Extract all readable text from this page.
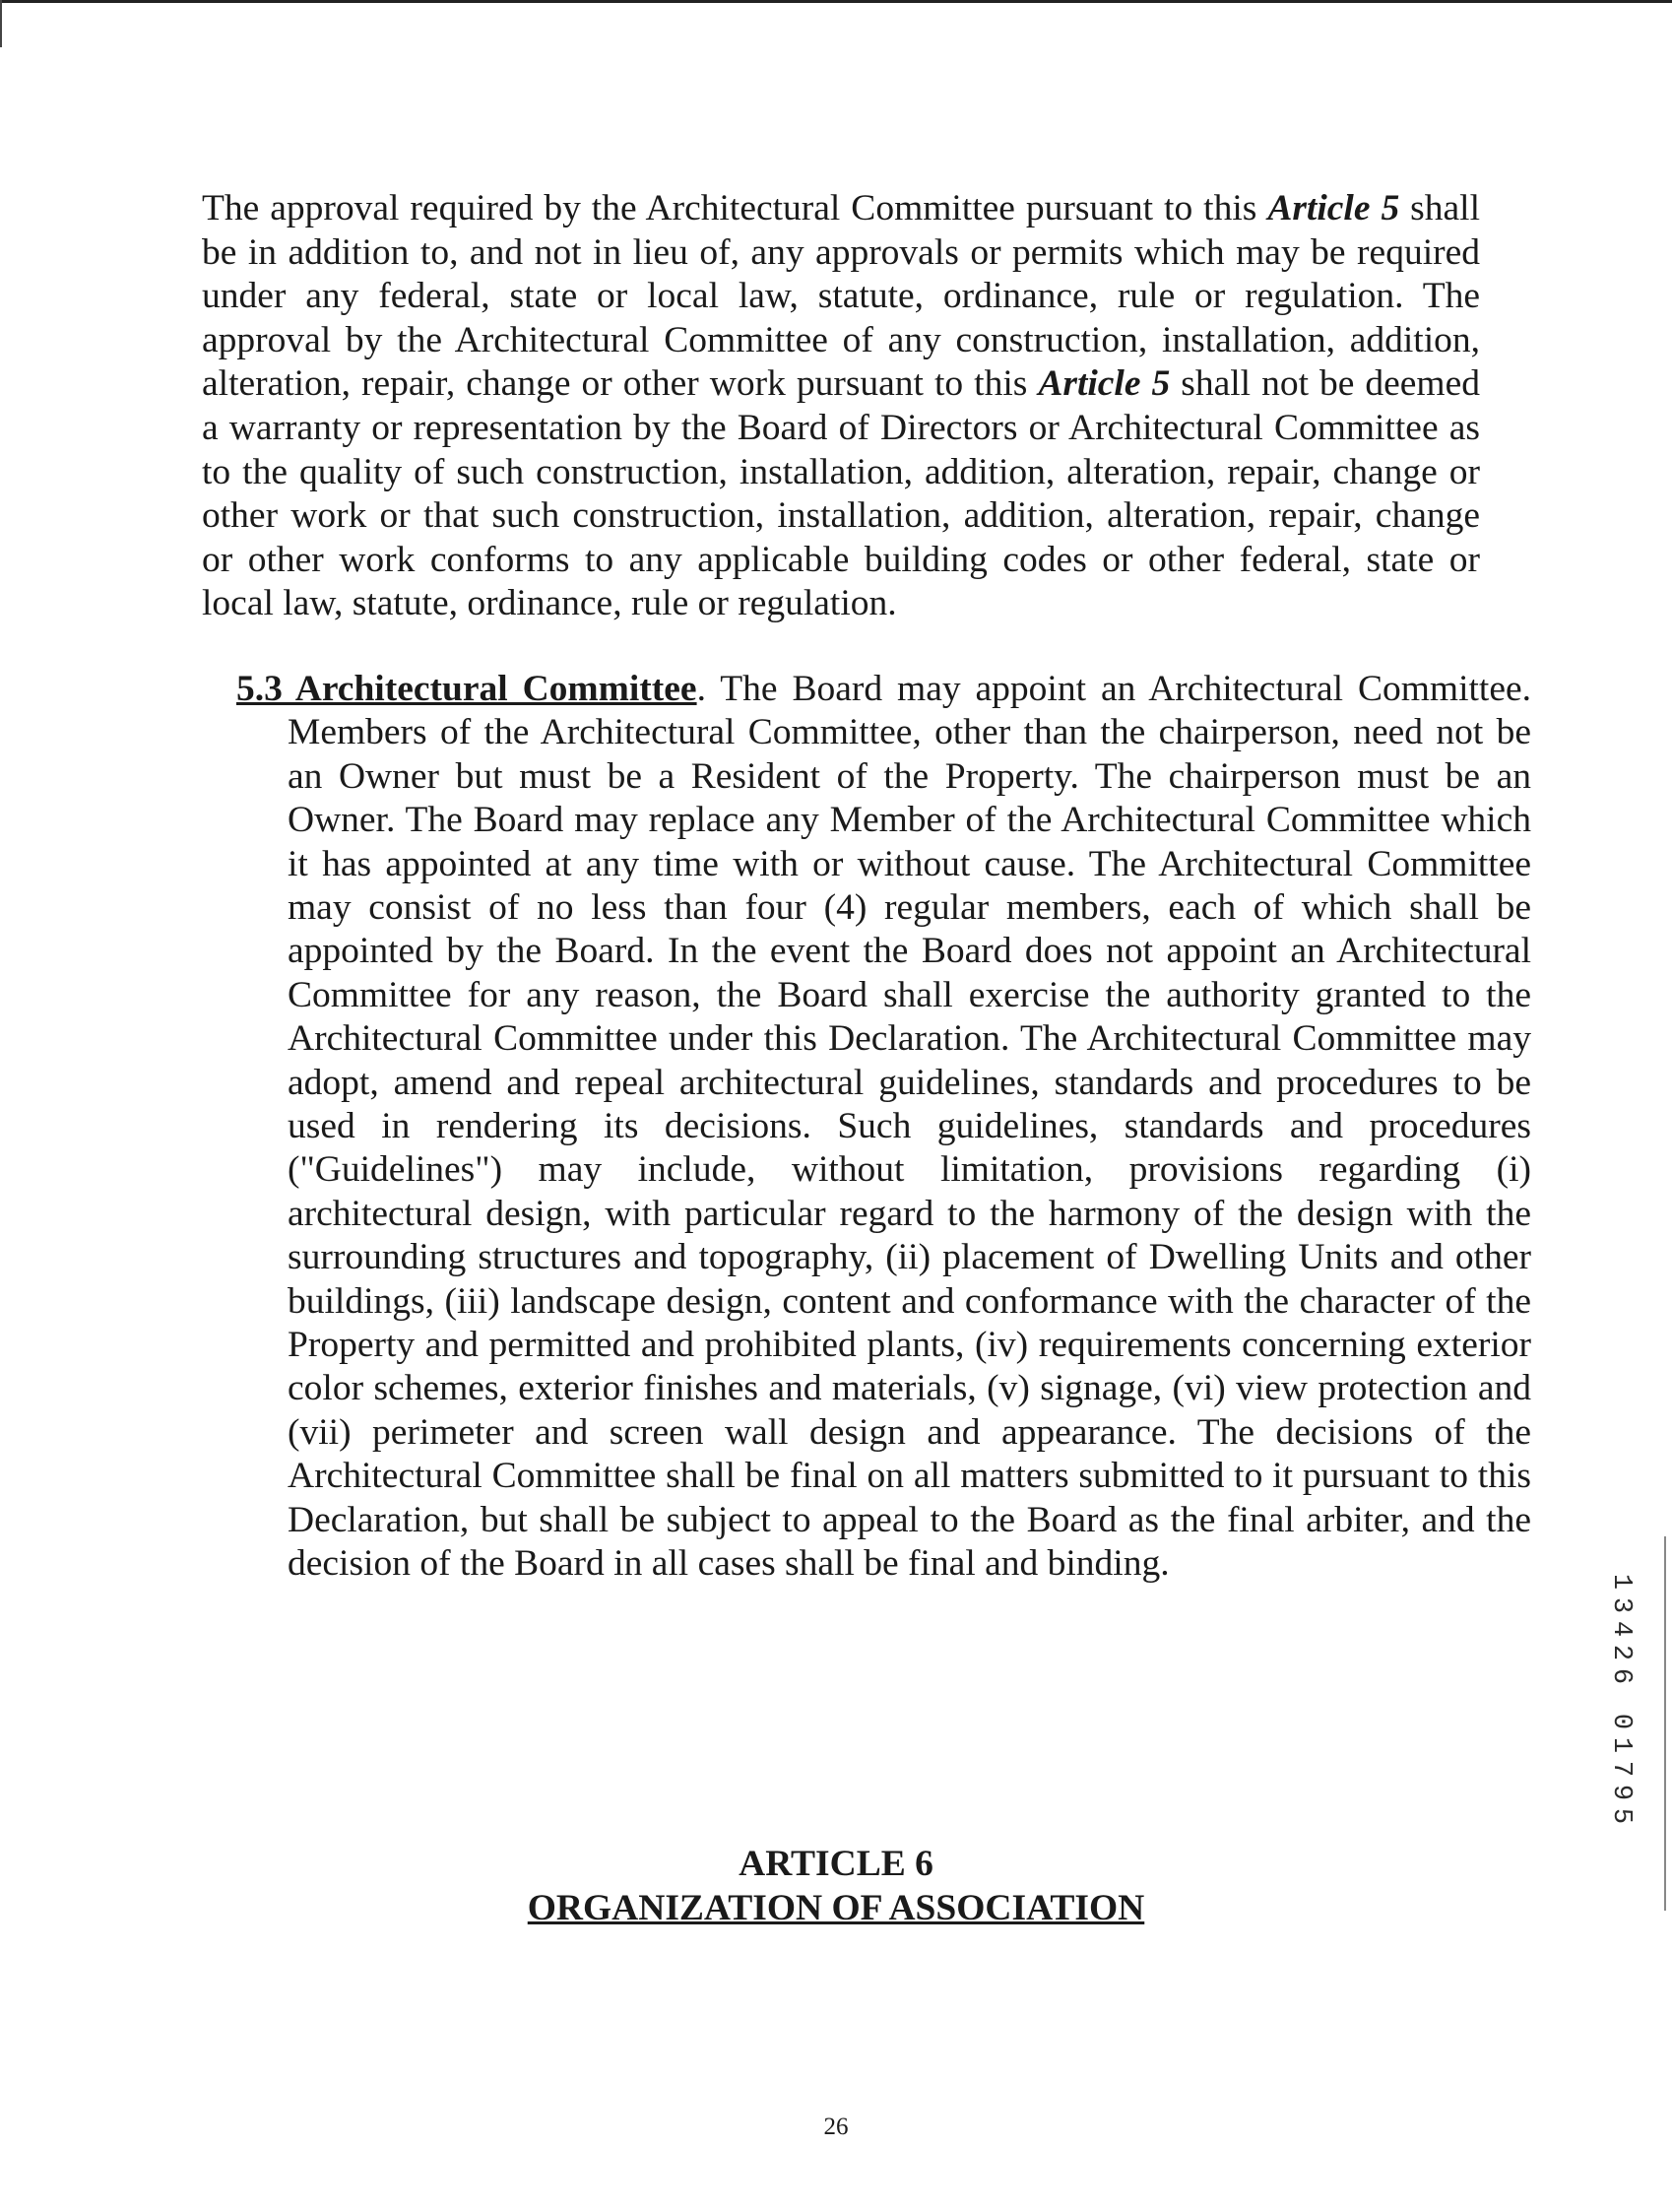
The approval required by the Architectural Committee pursuant to this Article 5 shall be in addition to, and not in lieu of, any approvals or permits which may be required under any federal, state or local law, statute, ordinance, rule or regulation. The approval by the Architectural Committee of any construction, installation, addition, alteration, repair, change or other work pursuant to this Article 5 shall not be deemed a warranty or representation by the Board of Directors or Architectural Committee as to the quality of such construction, installation, addition, alteration, repair, change or other work or that such construction, installation, addition, alteration, repair, change or other work conforms to any applicable building codes or other federal, state or local law, statute, ordinance, rule or regulation.

5.3 Architectural Committee. The Board may appoint an Architectural Committee. Members of the Architectural Committee, other than the chairperson, need not be an Owner but must be a Resident of the Property. The chairperson must be an Owner. The Board may replace any Member of the Architectural Committee which it has appointed at any time with or without cause. The Architectural Committee may consist of no less than four (4) regular members, each of which shall be appointed by the Board. In the event the Board does not appoint an Architectural Committee for any reason, the Board shall exercise the authority granted to the Architectural Committee under this Declaration. The Architectural Committee may adopt, amend and repeal architectural guidelines, standards and procedures to be used in rendering its decisions. Such guidelines, standards and procedures ("Guidelines") may include, without limitation, provisions regarding (i) architectural design, with particular regard to the harmony of the design with the surrounding structures and topography, (ii) placement of Dwelling Units and other buildings, (iii) landscape design, content and conformance with the character of the Property and permitted and prohibited plants, (iv) requirements concerning exterior color schemes, exterior finishes and materials, (v) signage, (vi) view protection and (vii) perimeter and screen wall design and appearance. The decisions of the Architectural Committee shall be final on all matters submitted to it pursuant to this Declaration, but shall be subject to appeal to the Board as the final arbiter, and the decision of the Board in all cases shall be final and binding.

ARTICLE 6
ORGANIZATION OF ASSOCIATION
26
1
3
4
2
6
0
1
7
9
5
